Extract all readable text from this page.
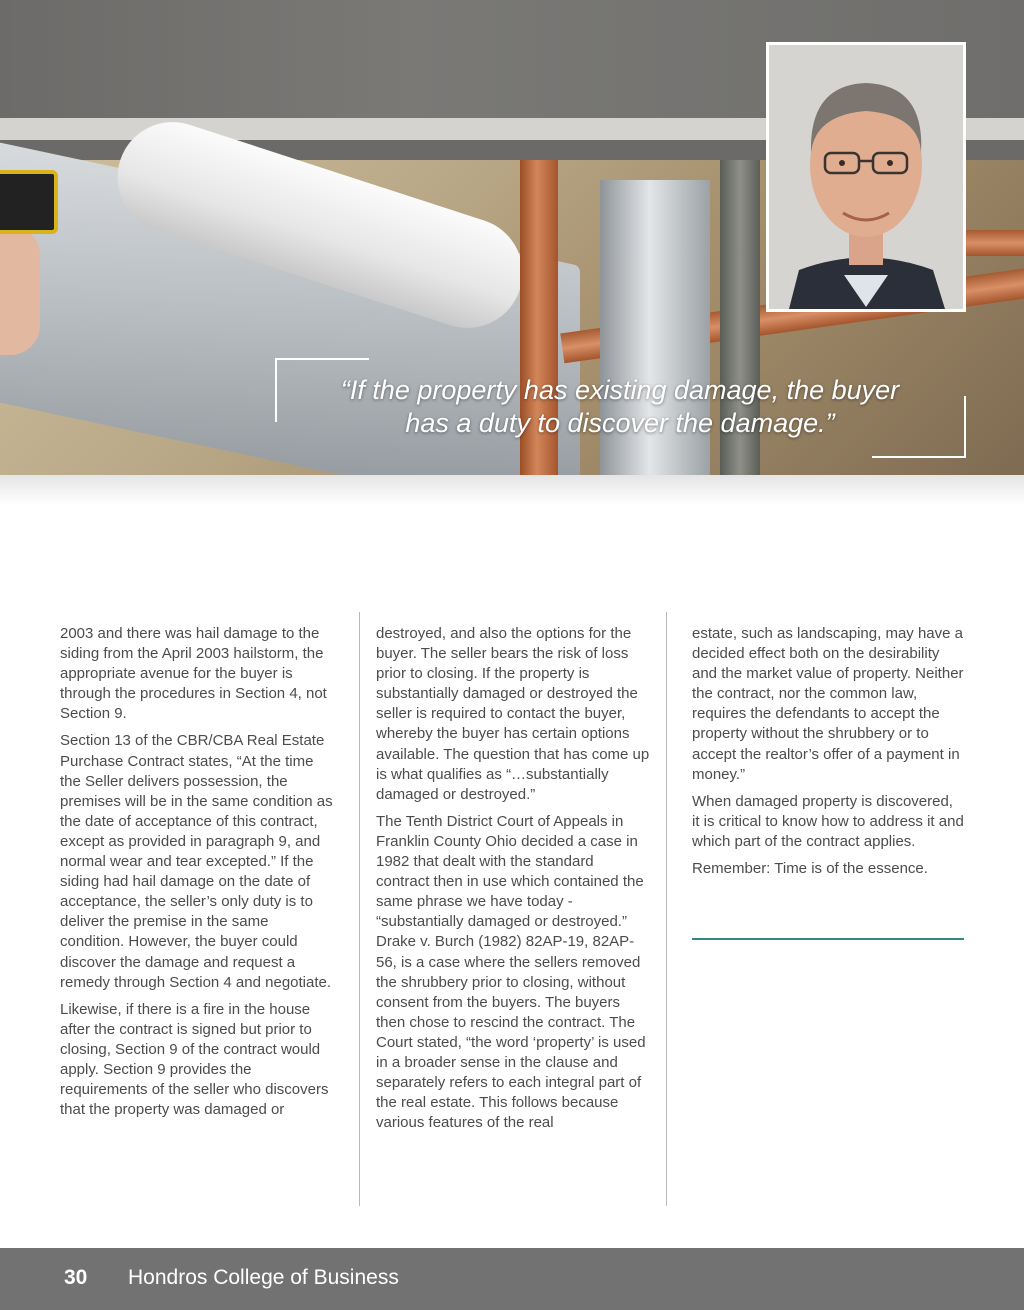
“If the property has existing damage, the buyer
has a duty to discover the damage.”

2003 and there was hail damage to the siding from the April 2003 hailstorm, the appropriate avenue for the buyer is through the procedures in Section 4, not Section 9.

Section 13 of the CBR/CBA Real Estate Purchase Contract states, “At the time the Seller delivers possession, the premises will be in the same condition as the date of acceptance of this contract, except as provided in paragraph 9, and normal wear and tear excepted.” If the siding had hail damage on the date of acceptance, the seller’s only duty is to deliver the premise in the same condition. However, the buyer could discover the damage and request a remedy through Section 4 and negotiate.

Likewise, if there is a fire in the house after the contract is signed but prior to closing, Section 9 of the contract would apply. Section 9 provides the requirements of the seller who discovers that the property was damaged or

destroyed, and also the options for the buyer. The seller bears the risk of loss prior to closing. If the property is substantially damaged or destroyed the seller is required to contact the buyer, whereby the buyer has certain options available. The question that has come up is what qualifies as “…substantially damaged or destroyed.”

The Tenth District Court of Appeals in Franklin County Ohio decided a case in 1982 that dealt with the standard contract then in use which contained the same phrase we have today - “substantially damaged or destroyed.” Drake v. Burch (1982) 82AP-19, 82AP-56, is a case where the sellers removed the shrubbery prior to closing, without consent from the buyers. The buyers then chose to rescind the contract. The Court stated, “the word ‘property’ is used in a broader sense in the clause and separately refers to each integral part of the real estate. This follows because various features of the real

estate, such as landscaping, may have a decided effect both on the desirability and the market value of property. Neither the contract, nor the common law, requires the defendants to accept the property without the shrubbery or to accept the realtor’s offer of a payment in money.”

When damaged property is discovered, it is critical to know how to address it and which part of the contract applies.

Remember: Time is of the essence.

30 Hondros College of Business
